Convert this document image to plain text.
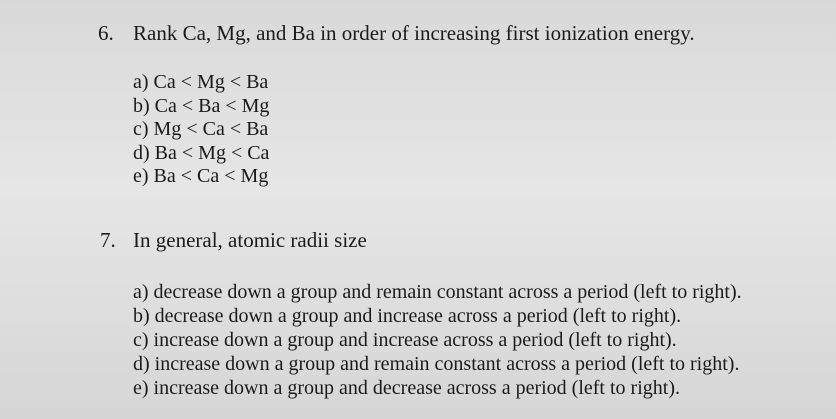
6. Rank Ca, Mg, and Ba in order of increasing first ionization energy.
a) Ca < Mg < Ba
b) Ca < Ba < Mg
c) Mg < Ca < Ba
d) Ba < Mg < Ca
e) Ba < Ca < Mg
7. In general, atomic radii size
a) decrease down a group and remain constant across a period (left to right).
b) decrease down a group and increase across a period (left to right).
c) increase down a group and increase across a period (left to right).
d) increase down a group and remain constant across a period (left to right).
e) increase down a group and decrease across a period (left to right).
